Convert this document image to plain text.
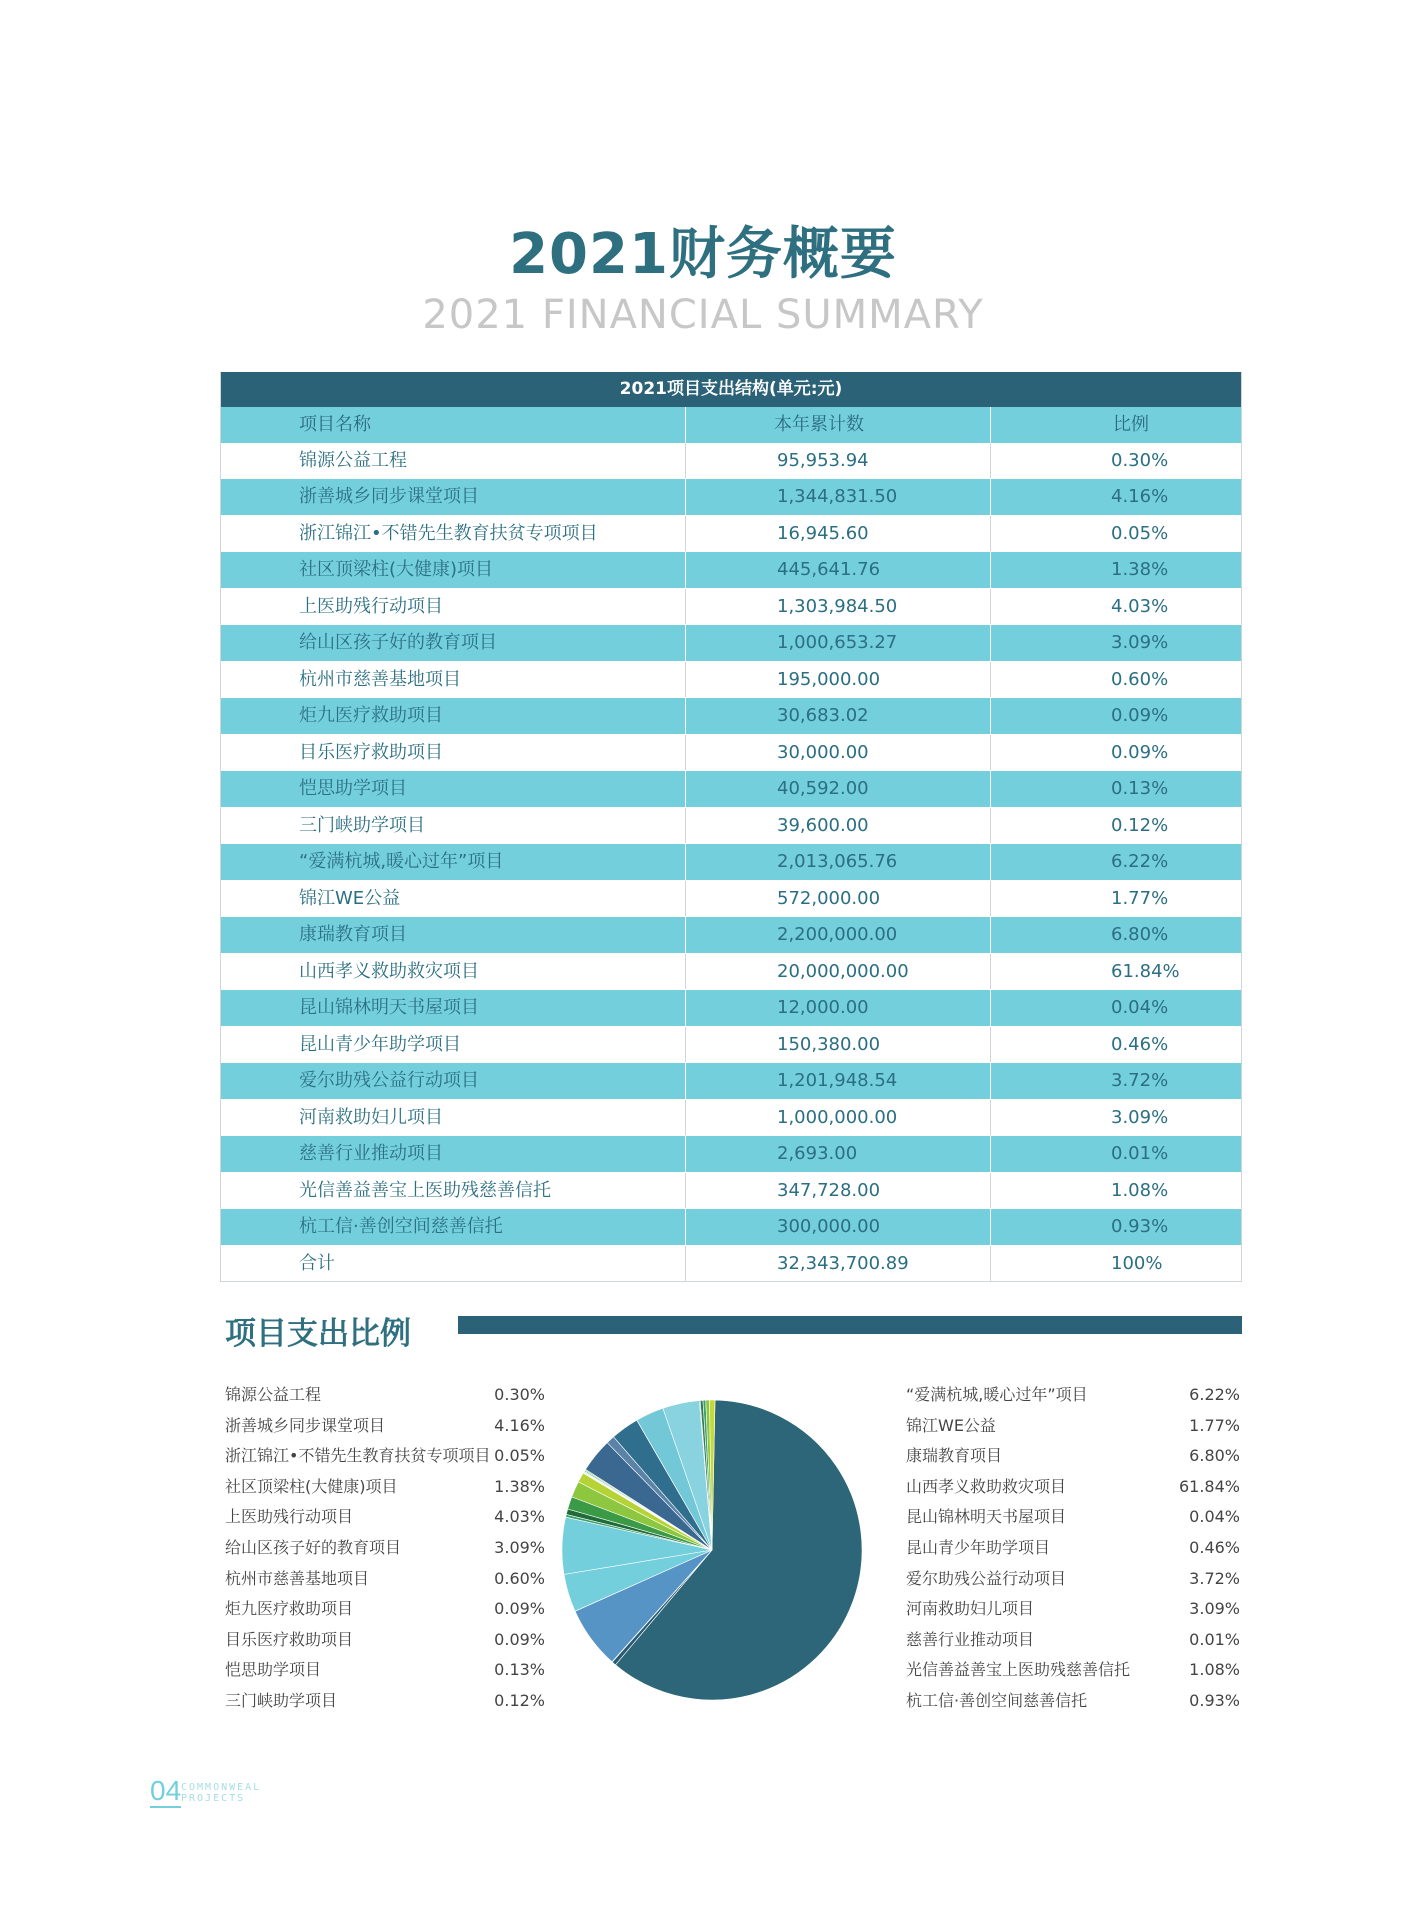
2021财务概要
2021 FINANCIAL SUMMARY
2021项目支出结构(单元:元)
项目名称	本年累计数	比例
锦源公益工程	95,953.94	0.30%
浙善城乡同步课堂项目	1,344,831.50	4.16%
浙江锦江•不错先生教育扶贫专项项目	16,945.60	0.05%
社区顶梁柱(大健康)项目	445,641.76	1.38%
上医助残行动项目	1,303,984.50	4.03%
给山区孩子好的教育项目	1,000,653.27	3.09%
杭州市慈善基地项目	195,000.00	0.60%
炬九医疗救助项目	30,683.02	0.09%
目乐医疗救助项目	30,000.00	0.09%
恺思助学项目	40,592.00	0.13%
三门峡助学项目	39,600.00	0.12%
“爱满杭城,暖心过年”项目	2,013,065.76	6.22%
锦江WE公益	572,000.00	1.77%
康瑞教育项目	2,200,000.00	6.80%
山西孝义救助救灾项目	20,000,000.00	61.84%
昆山锦林明天书屋项目	12,000.00	0.04%
昆山青少年助学项目	150,380.00	0.46%
爱尔助残公益行动项目	1,201,948.54	3.72%
河南救助妇儿项目	1,000,000.00	3.09%
慈善行业推动项目	2,693.00	0.01%
光信善益善宝上医助残慈善信托	347,728.00	1.08%
杭工信·善创空间慈善信托	300,000.00	0.93%
合计	32,343,700.89	100%
项目支出比例
锦源公益工程	0.30%
浙善城乡同步课堂项目	4.16%
浙江锦江•不错先生教育扶贫专项项目 0.05%
社区顶梁柱(大健康)项目	1.38%
上医助残行动项目	4.03%
给山区孩子好的教育项目	3.09%
杭州市慈善基地项目	0.60%
炬九医疗救助项目	0.09%
目乐医疗救助项目	0.09%
恺思助学项目	0.13%
三门峡助学项目	0.12%
“爱满杭城,暖心过年”项目	6.22%
锦江WE公益	1.77%
康瑞教育项目	6.80%
山西孝义救助救灾项目	61.84%
昆山锦林明天书屋项目	0.04%
昆山青少年助学项目	0.46%
爱尔助残公益行动项目	3.72%
河南救助妇儿项目	3.09%
慈善行业推动项目	0.01%
光信善益善宝上医助残慈善信托	1.08%
杭工信·善创空间慈善信托	0.93%
04 COMMONWEAL
PROJECTS
